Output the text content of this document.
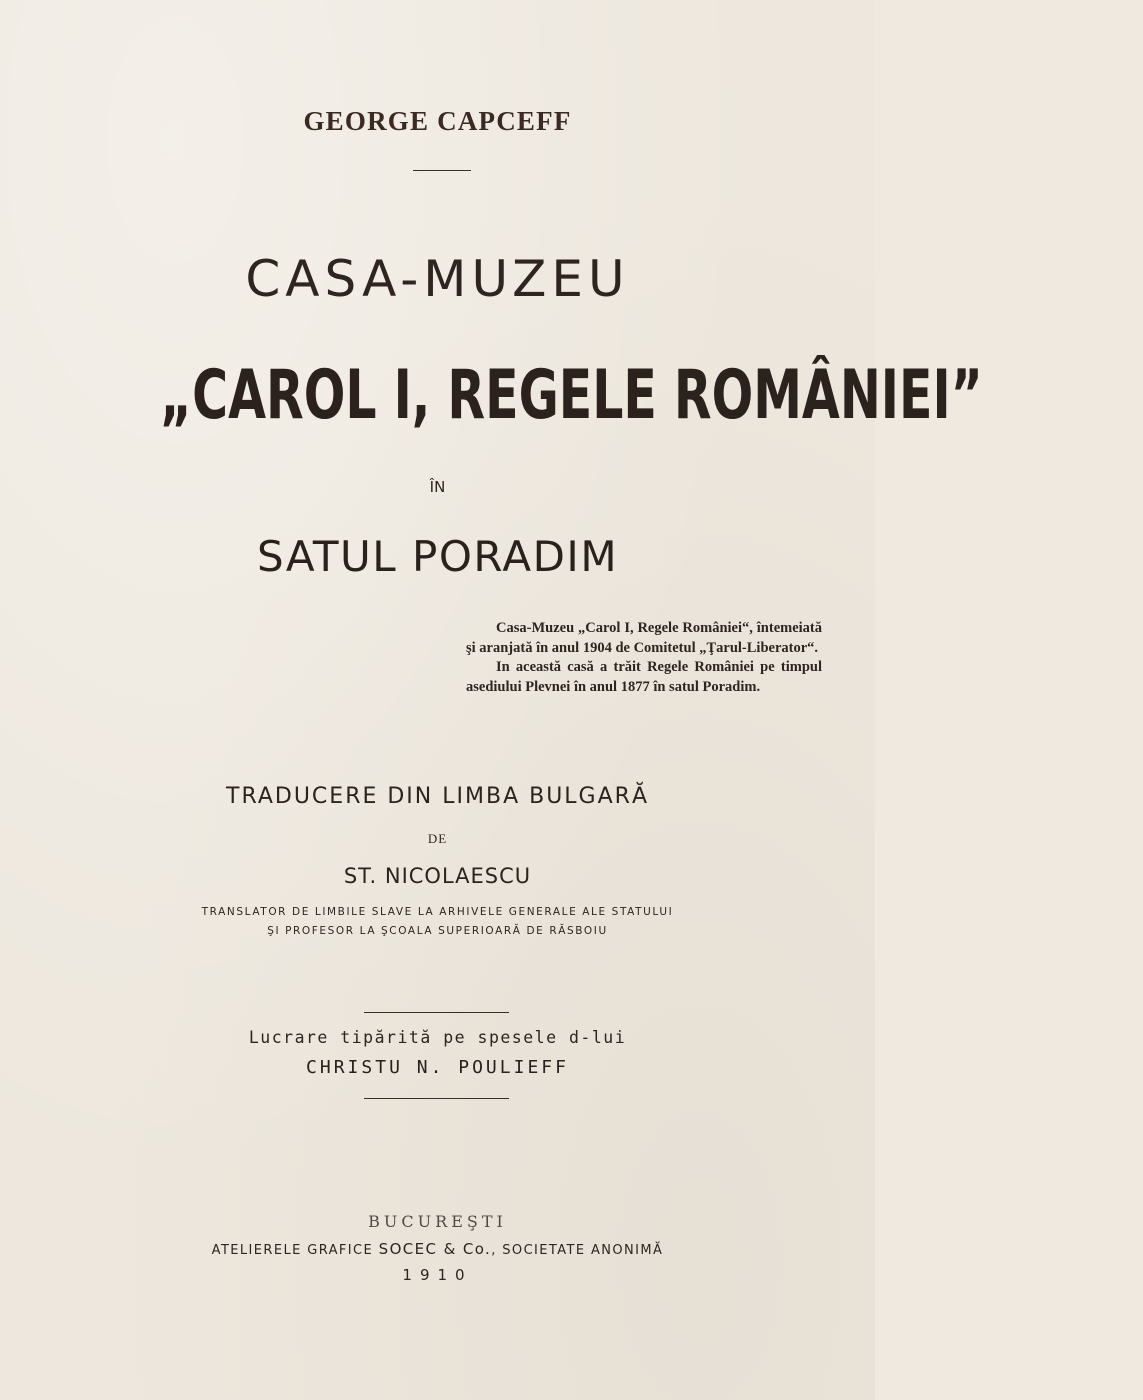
GEORGE CAPCEFF
CASA-MUZEU
„CAROL I, REGELE ROMÂNIEI”
ÎN
SATUL PORADIM

Casa-Muzeu „Carol I, Regele României“, întemeiată şi aranjată în anul 1904 de Comitetul „Ţarul-Liberator“.

In această casă a trăit Regele României pe timpul asediului Plevnei în anul 1877 în satul Poradim.

TRADUCERE DIN LIMBA BULGARĂ
DE
ST. NICOLAESCU
TRANSLATOR DE LIMBILE SLAVE LA ARHIVELE GENERALE ALE STATULUI
ŞI PROFESOR LA ŞCOALA SUPERIOARĂ DE RĂSBOIU
Lucrare tipărită pe spesele d-lui
CHRISTU N. POULIEFF
BUCUREŞTI
ATELIERELE GRAFICE SOCEC & Co., SOCIETATE ANONIMĂ
1910
